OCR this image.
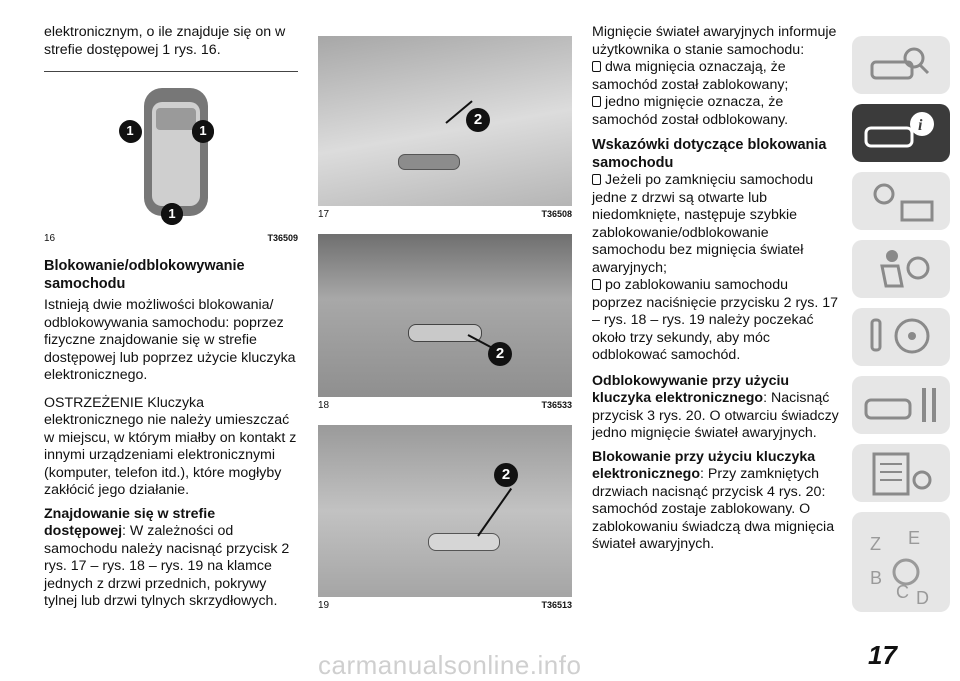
elektronicznym, o ile znajduje się on w strefie dostępowej 1 rys. 16.

1	1
1
16	T36509

Blokowanie/odblokowywanie samochodu

Istnieją dwie możliwości blokowania/ odblokowywania samochodu: poprzez fizyczne znajdowanie się w strefie dostępowej lub poprzez użycie kluczyka elektronicznego.

OSTRZEŻENIE Kluczyka elektronicznego nie należy umieszczać w miejscu, w którym miałby on kontakt z innymi urządzeniami elektronicznymi (komputer, telefon itd.), które mogłyby zakłócić jego działanie.

Znajdowanie się w strefie dostępowej: W zależności od samochodu należy nacisnąć przycisk 2 rys. 17 – rys. 18 – rys. 19 na klamce jednych z drzwi przednich, pokrywy tylnej lub drzwi tylnych skrzydłowych.

2
17	T36508
2
18	T36533
2
19	T36513

Mignięcie świateł awaryjnych informuje użytkownika o stanie samochodu:

dwa mignięcia oznaczają, że samochód został zablokowany;

jedno mignięcie oznacza, że samochód został odblokowany.

Wskazówki dotyczące blokowania samochodu

Jeżeli po zamknięciu samochodu jedne z drzwi są otwarte lub niedomknięte, następuje szybkie zablokowanie/odblokowanie samochodu bez mignięcia świateł awaryjnych;

po zablokowaniu samochodu poprzez naciśnięcie przycisku 2 rys. 17 – rys. 18 – rys. 19 należy poczekać około trzy sekundy, aby móc odblokować samochód.

Odblokowywanie przy użyciu kluczyka elektronicznego: Nacisnąć przycisk 3 rys. 20. O otwarciu świadczy jedno mignięcie świateł awaryjnych.

Blokowanie przy użyciu kluczyka elektronicznego: Przy zamkniętych drzwiach nacisnąć przycisk 4 rys. 20: samochód zostaje zablokowany. O zablokowaniu świadczą dwa mignięcia świateł awaryjnych.

i
Z E
B
C D
17
carmanualsonline.info
